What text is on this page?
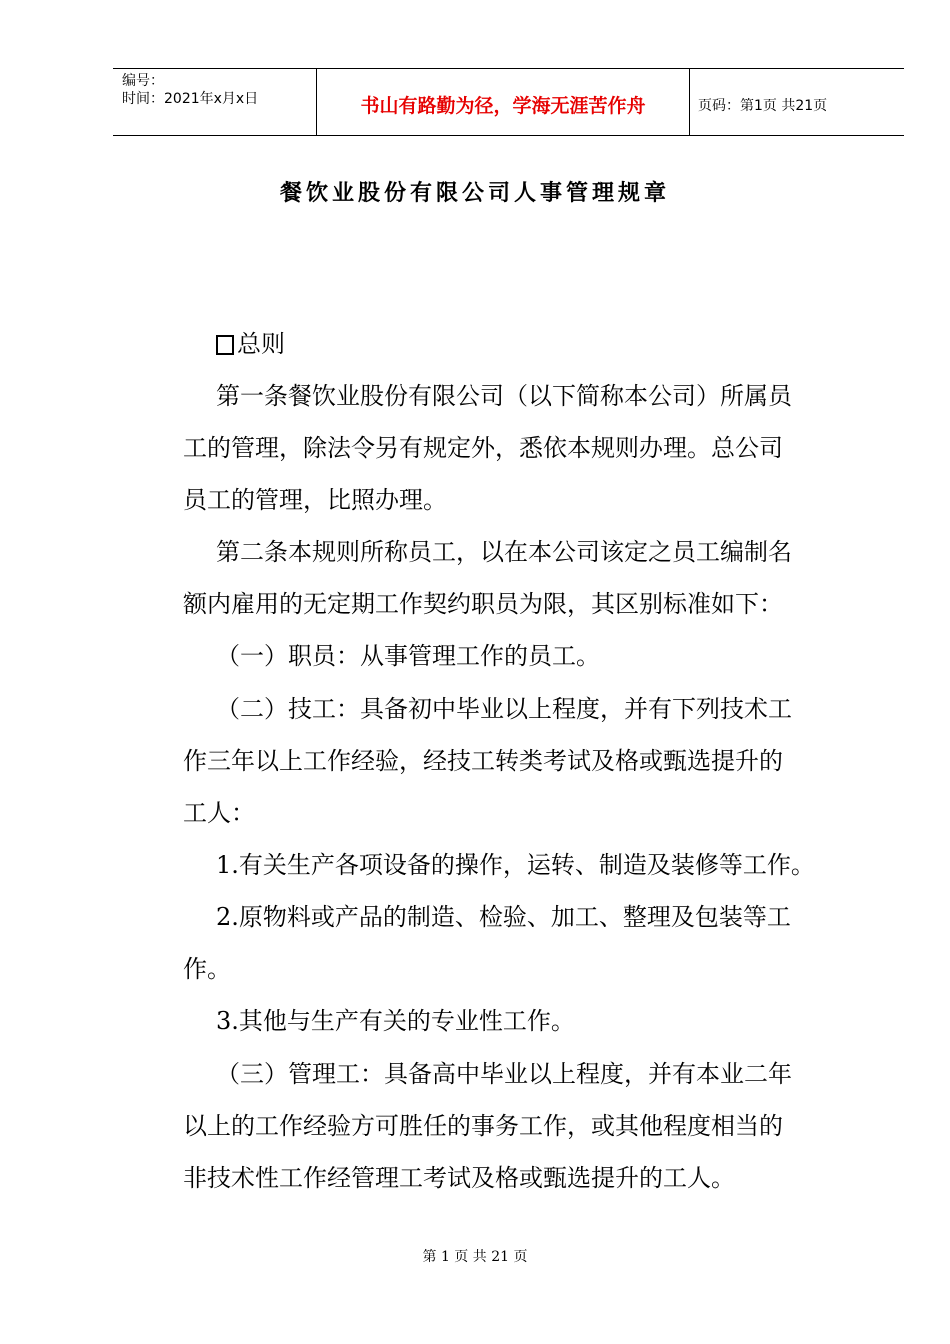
编号：
时间：2021年x月x日	书山有路勤为径，学海无涯苦作舟	页码：第1页 共21页
餐饮业股份有限公司人事管理规章
总则
第一条餐饮业股份有限公司（以下简称本公司）所属员
工的管理，除法令另有规定外，悉依本规则办理。总公司
员工的管理，比照办理。
第二条本规则所称员工，以在本公司该定之员工编制名
额内雇用的无定期工作契约职员为限，其区别标准如下：
（一）职员：从事管理工作的员工。
（二）技工：具备初中毕业以上程度，并有下列技术工
作三年以上工作经验，经技工转类考试及格或甄选提升的
工人：
1.有关生产各项设备的操作，运转、制造及装修等工作。
2.原物料或产品的制造、检验、加工、整理及包装等工
作。
3.其他与生产有关的专业性工作。
（三）管理工：具备高中毕业以上程度，并有本业二年
以上的工作经验方可胜任的事务工作，或其他程度相当的
非技术性工作经管理工考试及格或甄选提升的工人。
第 1 页 共 21 页
